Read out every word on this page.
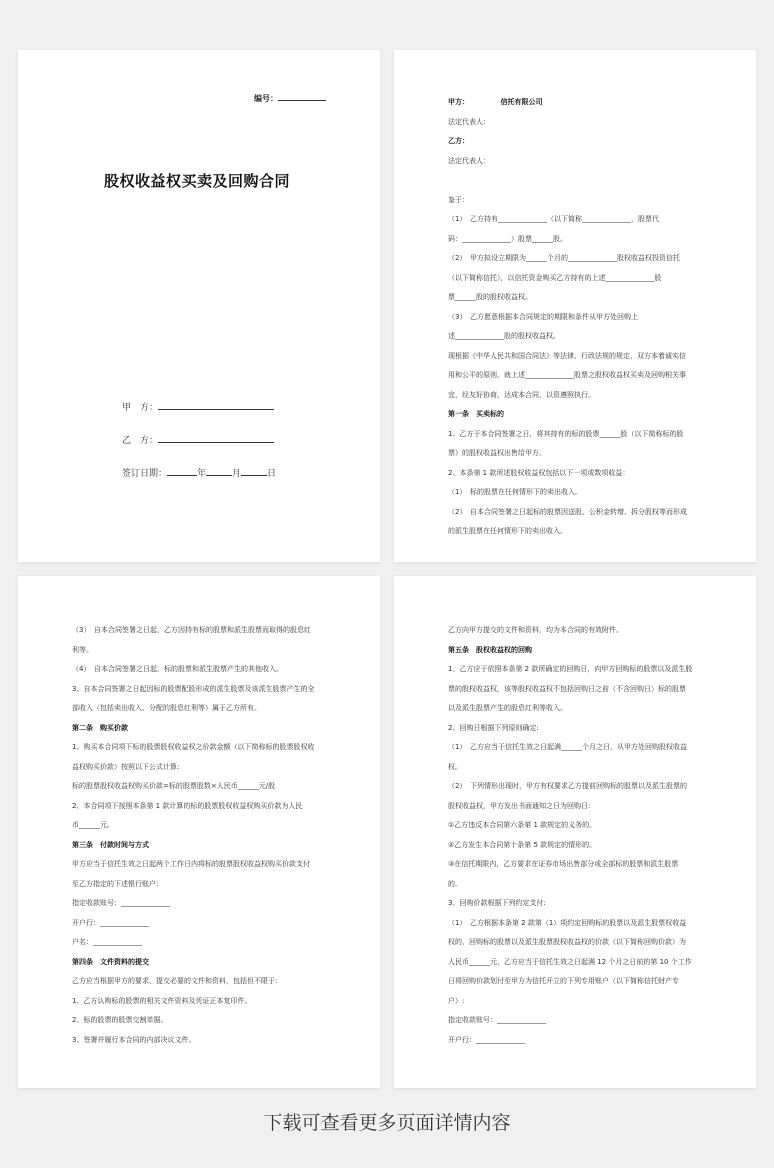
编号：
股权收益权买卖及回购合同
甲　方：
乙　方：
签订日期：	年	月	日
甲方：　　　　　信托有限公司
法定代表人：
乙方：
法定代表人：
鉴于：
（1）　乙方持有______________（以下简称______________，股票代
码：______________）股票______股。
（2）　甲方拟设立期限为______个月的______________股权收益权投资信托
（以下简称信托），以信托资金购买乙方持有的上述______________股
票______股的股权收益权。
（3）　乙方愿意根据本合同规定的期限和条件从甲方处回购上
述______________股的股权收益权。
现根据《中华人民共和国合同法》等法律、行政法规的规定，双方本着诚实信
用和公平的原则，就上述______________股票之股权收益权买卖及回购相关事
宜，经友好协商，达成本合同，以资遵照执行。
第一条　买卖标的
1、乙方于本合同签署之日，将其持有的标的股票______股（以下简称标的股
票）的股权收益权出售给甲方。
2、本条第 1 款所述股权收益权包括以下一项或数项收益：
（1）　标的股票在任何情形下的卖出收入。
（2）　自本合同签署之日起标的股票因送股、公积金转增、拆分股权等而形成
的派生股票在任何情形下的卖出收入。
（3）　自本合同签署之日起，乙方因持有标的股票和派生股票而取得的股息红
利等。
（4）　自本合同签署之日起，标的股票和派生股票产生的其他收入。
3、自本合同签署之日起因标的股票配股形成的派生股票及该派生股票产生的全
部收入（包括卖出收入、分配的股息红利等）属于乙方所有。
第二条　购买价款
1、购买本合同项下标的股票股权收益权之价款金额（以下简称标的股票股权收
益权购买价款）按照以下公式计算:
标的股票股权收益权购买价款=标的股票股数×人民币______元/股
2、本合同项下按照本条第 1 款计算的标的股票股权收益权购买价款为人民
币______元。
第三条　付款时间与方式
甲方应当于信托生效之日起两个工作日内将标的股票股权收益权购买价款支付
至乙方指定的下述银行账户:
指定收款账号：______________
开户行：______________
户名：______________
第四条　文件资料的提交
乙方应当根据甲方的要求，提交必要的文件和资料，包括但不限于:
1、乙方认购标的股票的相关文件资料及凭证正本复印件。
2、标的股票的股票交割单据。
3、签署并履行本合同的内部决议文件。
乙方向甲方提交的文件和资料，均为本合同的有效附件。
第五条　股权收益权的回购
1、乙方应于依照本条第 2 款所确定的回购日，向甲方回购标的股票以及派生股
票的股权收益权，该等股权收益权不包括回购日之前（不含回购日）标的股票
以及派生股票产生的股息红利等收入。
2、回购日根据下列原则确定:
（1）　乙方应当于信托生效之日起满______个月之日，从甲方处回购股权收益
权。
（2）　下列情形出现时，甲方有权要求乙方提前回购标的股票以及派生股票的
股权收益权，甲方发出书面通知之日为回购日:
①乙方违反本合同第六条第 1 款规定的义务的。
②乙方发生本合同第十条第 5 款规定的情形的。
③在信托期限内，乙方要求在证券市场出售部分或全部标的股票和派生股票
的。
3、回购价款根据下列约定支付:
（1）　乙方根据本条第 2 款第（1）项约定回购标的股票以及派生股票权收益
权的，回购标的股票以及派生股票股权收益权的价款（以下简称回购价款）为
人民币______元，乙方应当于信托生效之日起满 12 个月之日前的第 10 个工作
日将回购价款划付至甲方为信托开立的下列专用账户（以下简称信托财产专
户）:
指定收款账号：______________
开户行：______________
下载可查看更多页面详情内容
